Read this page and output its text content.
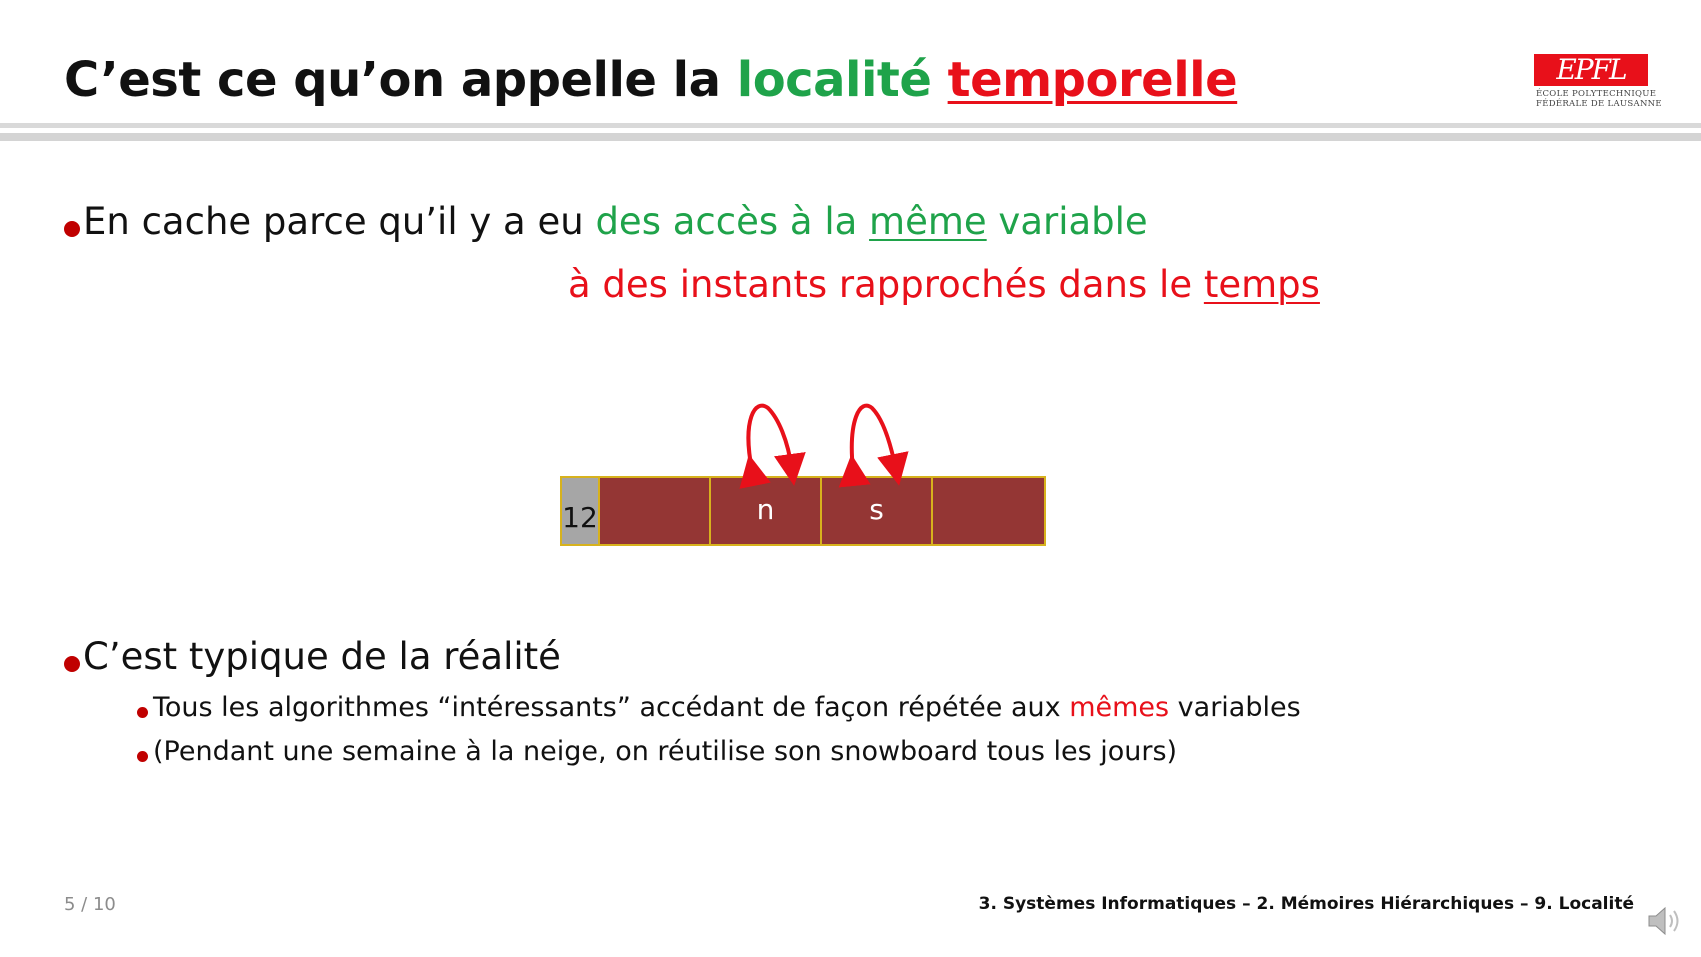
C’est ce qu’on appelle la localité temporelle	EPFL
ÉCOLE POLYTECHNIQUE
FÉDÉRALE DE LAUSANNE
En cache parce qu’il y a eu des accès à la même variable
à des instants rapprochés dans le temps
12	n	s
C’est typique de la réalité
Tous les algorithmes “intéressants” accédant de façon répétée aux mêmes variables
(Pendant une semaine à la neige, on réutilise son snowboard tous les jours)
5 / 10	3. Systèmes Informatiques – 2. Mémoires Hiérarchiques – 9. Localité
